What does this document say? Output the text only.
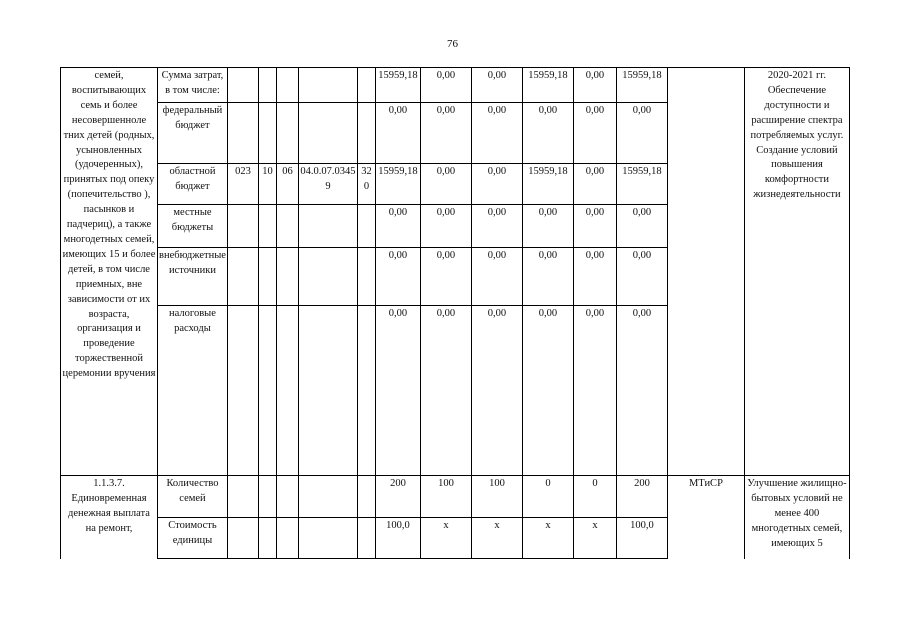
76
семей, воспитывающих семь и более несовершенноле тних детей (родных, усыновленных (удочеренных), принятых под опеку (попечительство ), пасынков и падчериц), а также многодетных семей, имеющих 15 и более детей, в том числе приемных, вне зависимости от их возраста, организация и проведение торжественной церемонии вручения	Сумма затрат, в том числе:						15959,18	0,00	0,00	15959,18	0,00	15959,18		2020-2021 гг. Обеспечение доступности и расширение спектра потребляемых услуг. Создание условий повышения комфортности жизнедеятельности
	федеральный бюджет						0,00	0,00	0,00	0,00	0,00	0,00		
	областной бюджет	023	10	06	04.0.07.03459	320	15959,18	0,00	0,00	15959,18	0,00	15959,18		
	местные бюджеты						0,00	0,00	0,00	0,00	0,00	0,00		
	внебюджетные источники						0,00	0,00	0,00	0,00	0,00	0,00		
	налоговые расходы						0,00	0,00	0,00	0,00	0,00	0,00		
1.1.3.7. Единовременная денежная выплата на ремонт,	Количество семей						200	100	100	0	0	200	МТиСР	Улучшение жилищно-бытовых условий не менее 400 многодетных семей, имеющих 5
	Стоимость единицы						100,0	x	x	x	x	100,0		
